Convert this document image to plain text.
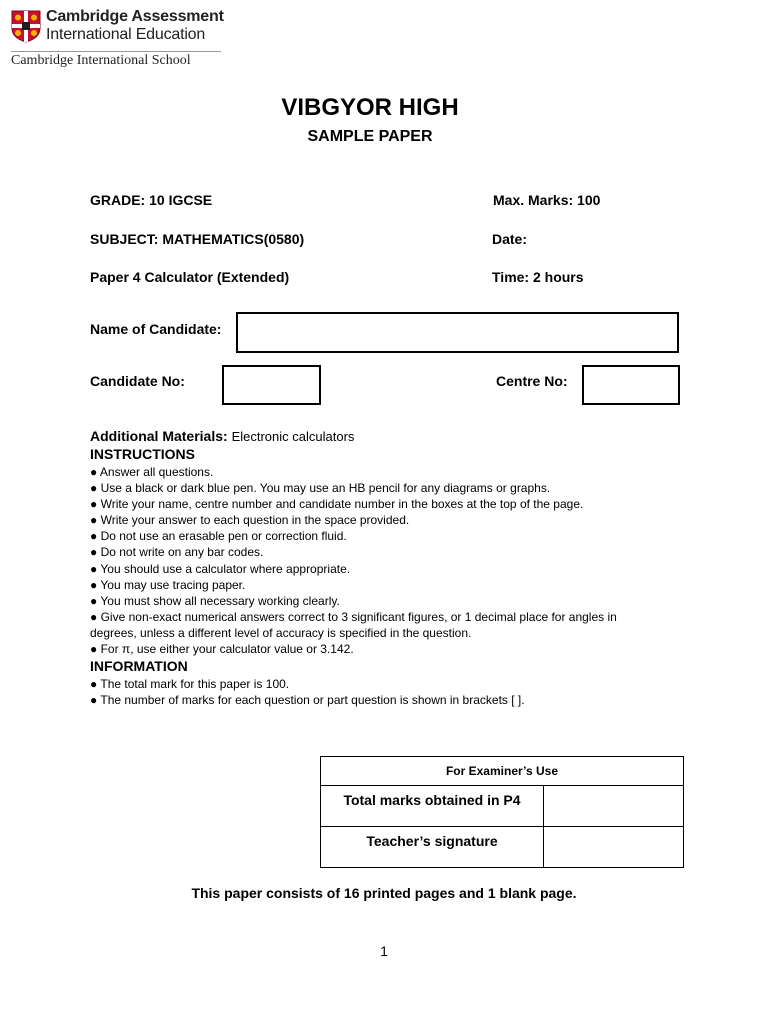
Cambridge Assessment
International Education
Cambridge International School
VIBGYOR HIGH
SAMPLE PAPER
GRADE: 10 IGCSE	Max. Marks: 100
SUBJECT: MATHEMATICS(0580)	Date:
Paper 4 Calculator (Extended)	Time: 2 hours
Name of Candidate:
Candidate No:	Centre No:
Additional Materials: Electronic calculators
INSTRUCTIONS
● Answer all questions.
● Use a black or dark blue pen. You may use an HB pencil for any diagrams or graphs.
● Write your name, centre number and candidate number in the boxes at the top of the page.
● Write your answer to each question in the space provided.
● Do not use an erasable pen or correction fluid.
● Do not write on any bar codes.
● You should use a calculator where appropriate.
● You may use tracing paper.
● You must show all necessary working clearly.
● Give non-exact numerical answers correct to 3 significant figures, or 1 decimal place for angles in degrees, unless a different level of accuracy is specified in the question.
● For π, use either your calculator value or 3.142.
INFORMATION
● The total mark for this paper is 100.
● The number of marks for each question or part question is shown in brackets [ ].
For Examiner’s Use	
Total marks obtained in P4	
Teacher’s signature	
This paper consists of 16 printed pages and 1 blank page.
1
